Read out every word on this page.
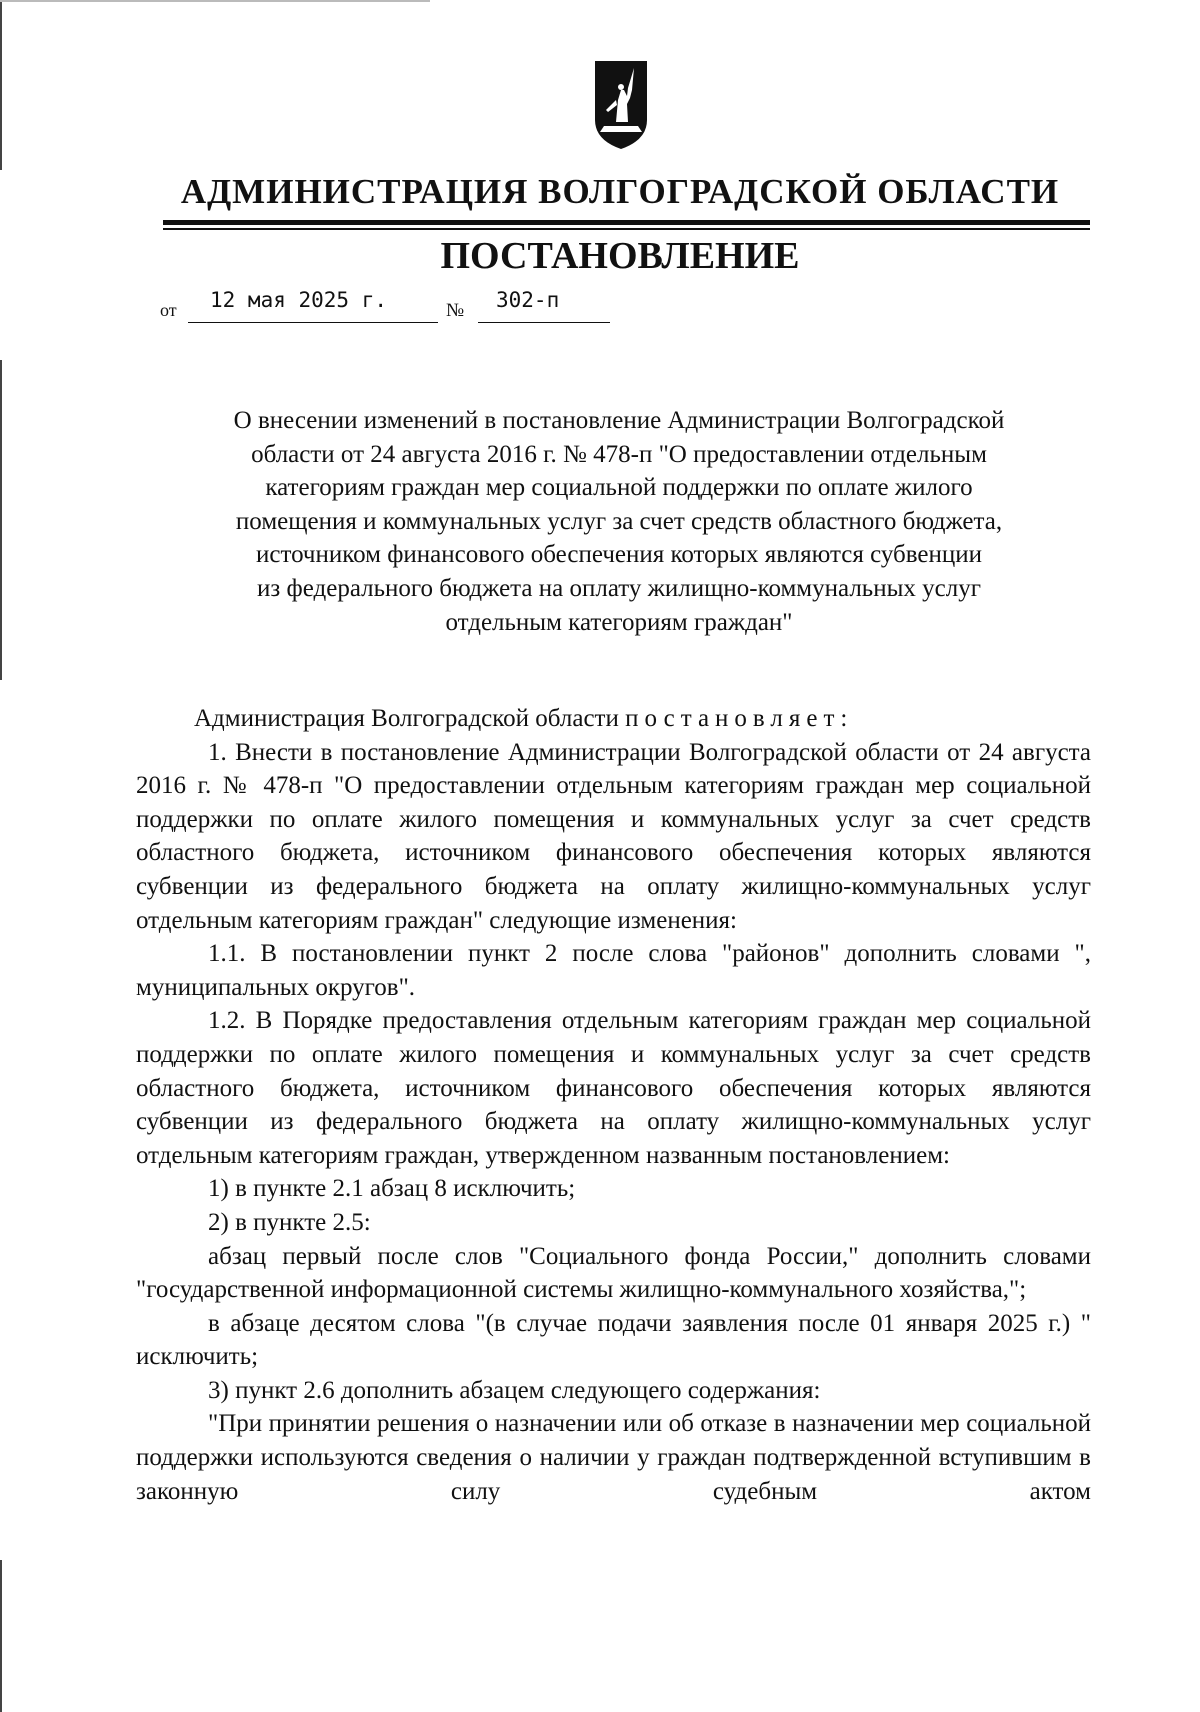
АДМИНИСТРАЦИЯ ВОЛГОГРАДСКОЙ ОБЛАСТИ
ПОСТАНОВЛЕНИЕ
от 12 мая 2025 г.	№ 302-п

О внесении изменений в постановление Администрации Волгоградской
области от 24 августа 2016 г. № 478-п "О предоставлении отдельным
категориям граждан мер социальной поддержки по оплате жилого
помещения и коммунальных услуг за счет средств областного бюджета,
источником финансового обеспечения которых являются субвенции
из федерального бюджета на оплату жилищно-коммунальных услуг
отдельным категориям граждан"

Администрация Волгоградской области постановляет:

1. Внести в постановление Администрации Волгоградской области от 24 августа 2016 г. № 478-п "О предоставлении отдельным категориям граждан мер социальной поддержки по оплате жилого помещения и коммунальных услуг за счет средств областного бюджета, источником финансового обеспечения которых являются субвенции из федерального бюджета на оплату жилищно-коммунальных услуг отдельным категориям граждан" следующие изменения:

1.1. В постановлении пункт 2 после слова "районов" дополнить словами ", муниципальных округов".

1.2. В Порядке предоставления отдельным категориям граждан мер социальной поддержки по оплате жилого помещения и коммунальных услуг за счет средств областного бюджета, источником финансового обеспечения которых являются субвенции из федерального бюджета на оплату жилищно-коммунальных услуг отдельным категориям граждан, утвержденном названным постановлением:

1) в пункте 2.1 абзац 8 исключить;

2) в пункте 2.5:

абзац первый после слов "Социального фонда России," дополнить словами "государственной информационной системы жилищно-коммунального хозяйства,";

в абзаце десятом слова "(в случае подачи заявления после 01 января 2025 г.) " исключить;

3) пункт 2.6 дополнить абзацем следующего содержания:

"При принятии решения о назначении или об отказе в назначении мер социальной поддержки используются сведения о наличии у граждан подтвержденной вступившим в законную силу судебным актом
